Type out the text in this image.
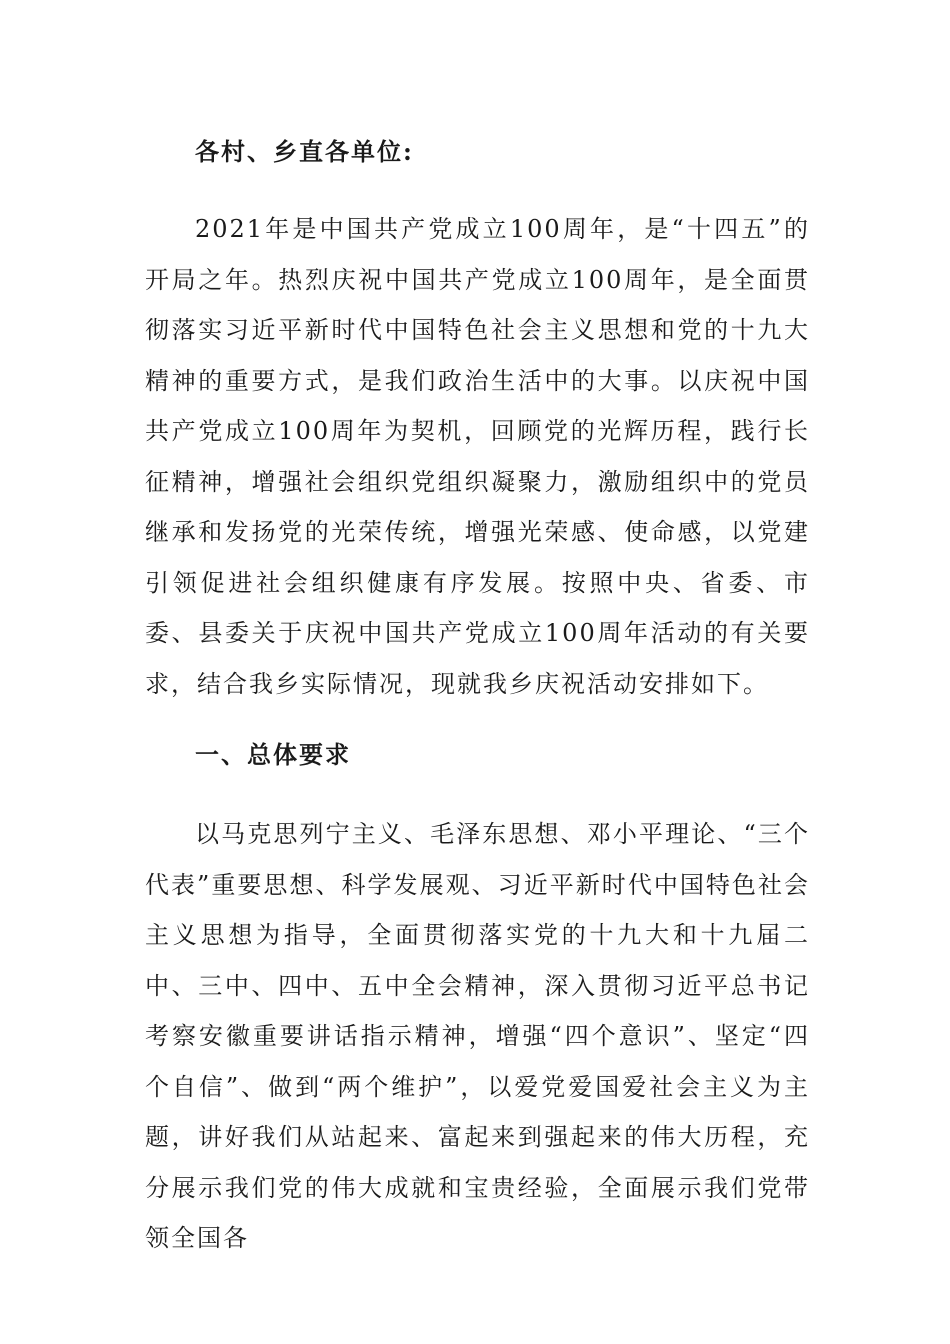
各村、乡直各单位:

2021年是中国共产党成立100周年，是“十四五”的开局之年。热烈庆祝中国共产党成立100周年，是全面贯彻落实习近平新时代中国特色社会主义思想和党的十九大精神的重要方式，是我们政治生活中的大事。以庆祝中国共产党成立100周年为契机，回顾党的光辉历程，践行长征精神，增强社会组织党组织凝聚力，激励组织中的党员继承和发扬党的光荣传统，增强光荣感、使命感，以党建引领促进社会组织健康有序发展。按照中央、省委、市委、县委关于庆祝中国共产党成立100周年活动的有关要求，结合我乡实际情况，现就我乡庆祝活动安排如下。

一、总体要求

以马克思列宁主义、毛泽东思想、邓小平理论、“三个代表”重要思想、科学发展观、习近平新时代中国特色社会主义思想为指导，全面贯彻落实党的十九大和十九届二中、三中、四中、五中全会精神，深入贯彻习近平总书记考察安徽重要讲话指示精神，增强“四个意识”、坚定“四个自信”、做到“两个维护”，以爱党爱国爱社会主义为主题，讲好我们从站起来、富起来到强起来的伟大历程，充分展示我们党的伟大成就和宝贵经验，全面展示我们党带领全国各
